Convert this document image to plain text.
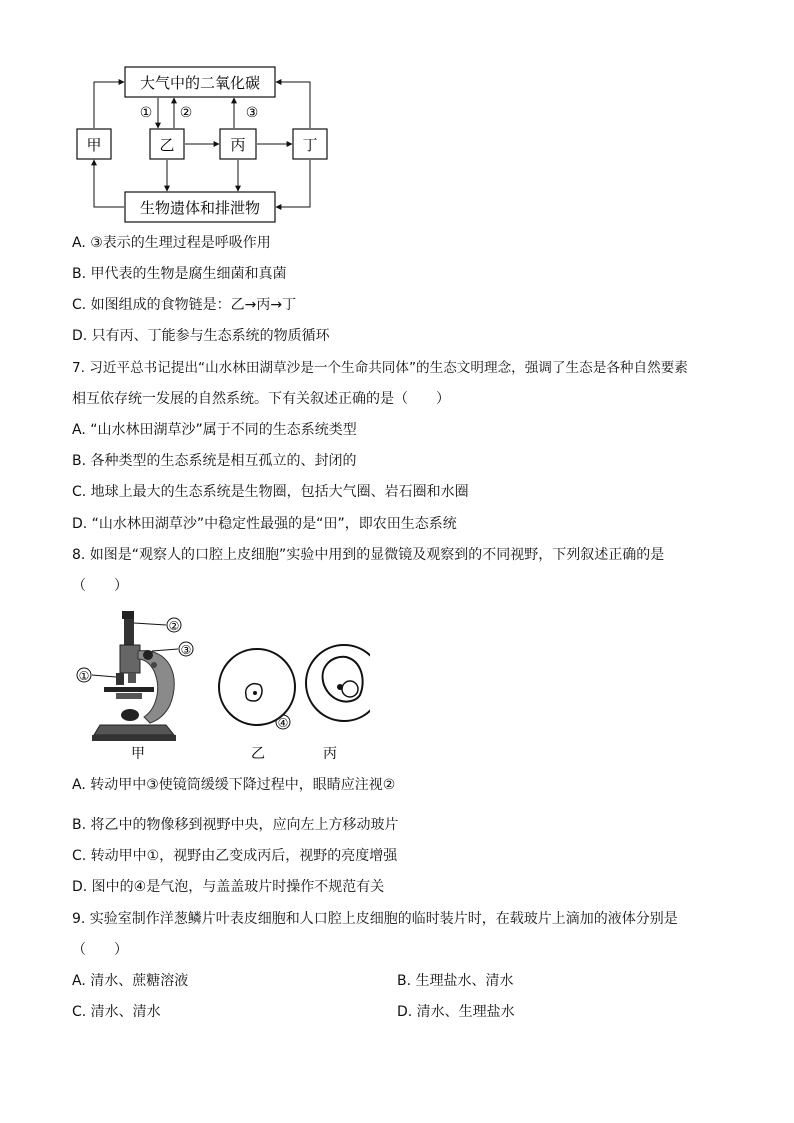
大气中的二氧化碳
生物遗体和排泄物
甲	乙	丙	丁
① ②	③
A. ③表示的生理过程是呼吸作用
B. 甲代表的生物是腐生细菌和真菌
C. 如图组成的食物链是：乙→丙→丁
D. 只有丙、丁能参与生态系统的物质循环
7. 习近平总书记提出“山水林田湖草沙是一个生命共同体”的生态文明理念，强调了生态是各种自然要素
相互依存统一发展的自然系统。下有关叙述正确的是（　　）
A. “山水林田湖草沙”属于不同的生态系统类型
B. 各种类型的生态系统是相互孤立的、封闭的
C. 地球上最大的生态系统是生物圈，包括大气圈、岩石圈和水圈
D. “山水林田湖草沙”中稳定性最强的是“田”，即农田生态系统
8. 如图是“观察人的口腔上皮细胞”实验中用到的显微镜及观察到的不同视野，下列叙述正确的是
（　　）
②
③
①
④
甲	乙	丙
A. 转动甲中③使镜筒缓缓下降过程中，眼睛应注视②
B. 将乙中的物像移到视野中央，应向左上方移动玻片
C. 转动甲中①，视野由乙变成丙后，视野的亮度增强
D. 图中的④是气泡，与盖盖玻片时操作不规范有关
9. 实验室制作洋葱鳞片叶表皮细胞和人口腔上皮细胞的临时装片时，在载玻片上滴加的液体分别是
（　　）
A. 清水、蔗糖溶液	B. 生理盐水、清水
C. 清水、清水	D. 清水、生理盐水
